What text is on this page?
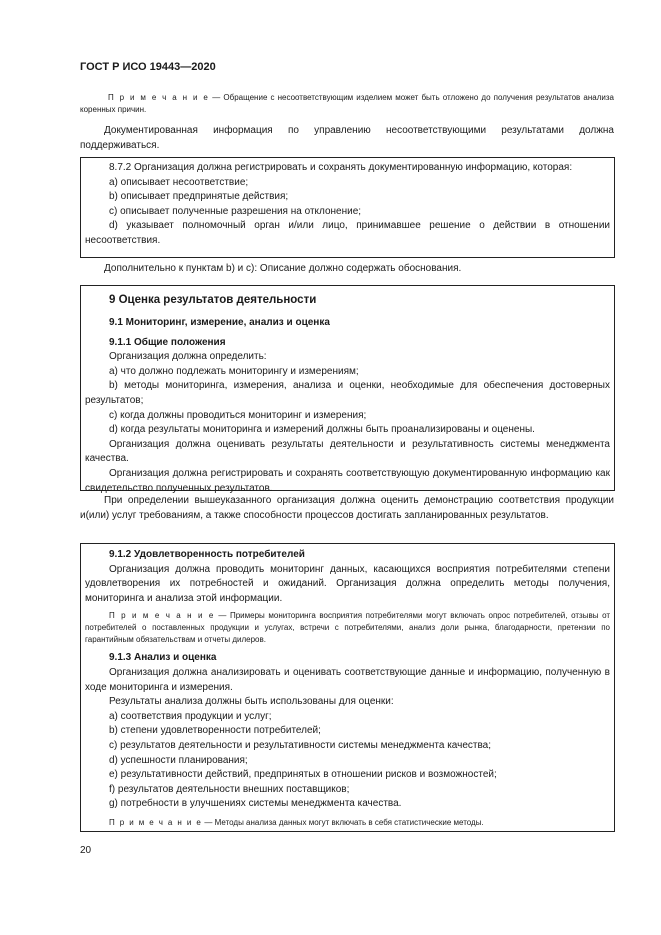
ГОСТ Р ИСО 19443—2020
П р и м е ч а н и е — Обращение с несоответствующим изделием может быть отложено до получения результатов анализа коренных причин.
Документированная информация по управлению несоответствующими результатами должна поддерживаться.
8.7.2 Организация должна регистрировать и сохранять документированную информацию, которая:
a) описывает несоответствие;
b) описывает предпринятые действия;
c) описывает полученные разрешения на отклонение;
d) указывает полномочный орган и/или лицо, принимавшее решение о действии в отношении несоответствия.
Дополнительно к пунктам b) и c): Описание должно содержать обоснования.
9 Оценка результатов деятельности
9.1 Мониторинг, измерение, анализ и оценка
9.1.1 Общие положения
Организация должна определить:
a) что должно подлежать мониторингу и измерениям;
b) методы мониторинга, измерения, анализа и оценки, необходимые для обеспечения достоверных результатов;
c) когда должны проводиться мониторинг и измерения;
d) когда результаты мониторинга и измерений должны быть проанализированы и оценены.
Организация должна оценивать результаты деятельности и результативность системы менеджмента качества.
Организация должна регистрировать и сохранять соответствующую документированную информацию как свидетельство полученных результатов.
При определении вышеуказанного организация должна оценить демонстрацию соответствия продукции и(или) услуг требованиям, а также способности процессов достигать запланированных результатов.
9.1.2 Удовлетворенность потребителей
Организация должна проводить мониторинг данных, касающихся восприятия потребителями степени удовлетворения их потребностей и ожиданий. Организация должна определить методы получения, мониторинга и анализа этой информации.
П р и м е ч а н и е — Примеры мониторинга восприятия потребителями могут включать опрос потребителей, отзывы от потребителей о поставленных продукции и услугах, встречи с потребителями, анализ доли рынка, благодарности, претензии по гарантийным обязательствам и отчеты дилеров.
9.1.3 Анализ и оценка
Организация должна анализировать и оценивать соответствующие данные и информацию, полученную в ходе мониторинга и измерения.
Результаты анализа должны быть использованы для оценки:
a) соответствия продукции и услуг;
b) степени удовлетворенности потребителей;
c) результатов деятельности и результативности системы менеджмента качества;
d) успешности планирования;
e) результативности действий, предпринятых в отношении рисков и возможностей;
f) результатов деятельности внешних поставщиков;
g) потребности в улучшениях системы менеджмента качества.
П р и м е ч а н и е — Методы анализа данных могут включать в себя статистические методы.
20
